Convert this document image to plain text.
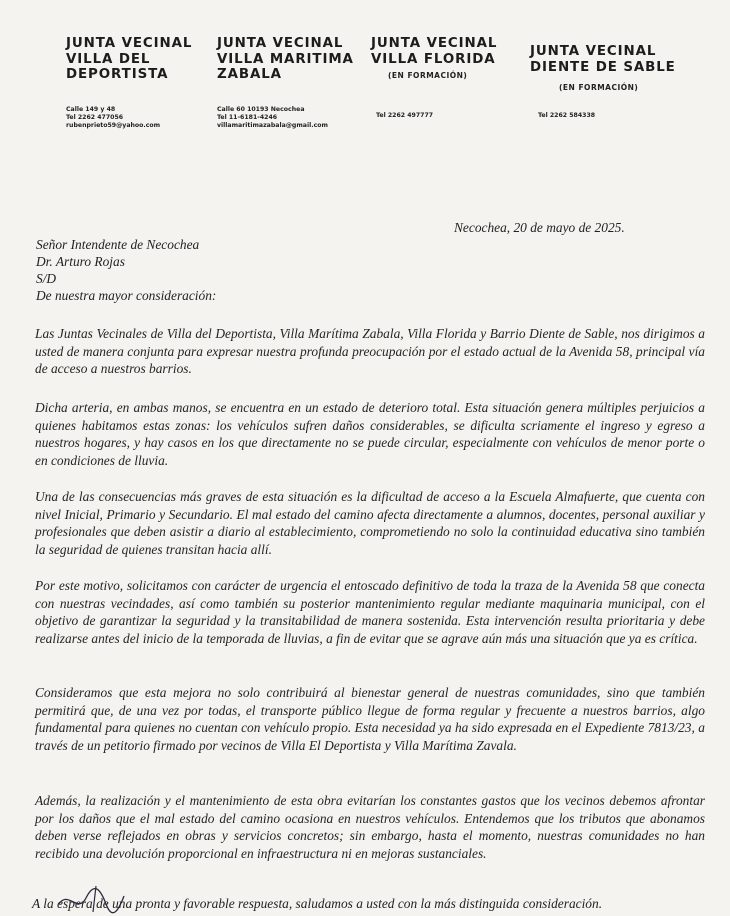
JUNTA VECINAL
VILLA DEL
DEPORTISTA
Calle 149 y 48
Tel 2262 477056
rubenprieto59@yahoo.com
JUNTA VECINAL
VILLA MARITIMA
ZABALA
Calle 60 10193 Necochea
Tel 11-6181-4246
villamaritimazabala@gmail.com
JUNTA VECINAL
VILLA FLORIDA
(EN FORMACIÓN)
Tel 2262 497777
JUNTA VECINAL
DIENTE DE SABLE
(EN FORMACIÓN)
Tel 2262 584338
Necochea, 20 de mayo de 2025.
Señor Intendente de Necochea
Dr. Arturo Rojas
S/D
De nuestra mayor consideración:
Las Juntas Vecinales de Villa del Deportista, Villa Marítima Zabala, Villa Florida y Barrio Diente de Sable, nos dirigimos a usted de manera conjunta para expresar nuestra profunda preocupación por el estado actual de la Avenida 58, principal vía de acceso a nuestros barrios.
Dicha arteria, en ambas manos, se encuentra en un estado de deterioro total. Esta situación genera múltiples perjuicios a quienes habitamos estas zonas: los vehículos sufren daños considerables, se dificulta scriamente el ingreso y egreso a nuestros hogares, y hay casos en los que directamente no se puede circular, especialmente con vehículos de menor porte o en condiciones de lluvia.
Una de las consecuencias más graves de esta situación es la dificultad de acceso a la Escuela Almafuerte, que cuenta con nivel Inicial, Primario y Secundario. El mal estado del camino afecta directamente a alumnos, docentes, personal auxiliar y profesionales que deben asistir a diario al establecimiento, comprometiendo no solo la continuidad educativa sino también la seguridad de quienes transitan hacia allí.
Por este motivo, solicitamos con carácter de urgencia el entoscado definitivo de toda la traza de la Avenida 58 que conecta con nuestras vecindades, así como también su posterior mantenimiento regular mediante maquinaria municipal, con el objetivo de garantizar la seguridad y la transitabilidad de manera sostenida. Esta intervención resulta prioritaria y debe realizarse antes del inicio de la temporada de lluvias, a fin de evitar que se agrave aún más una situación que ya es crítica.
Consideramos que esta mejora no solo contribuirá al bienestar general de nuestras comunidades, sino que también permitirá que, de una vez por todas, el transporte público llegue de forma regular y frecuente a nuestros barrios, algo fundamental para quienes no cuentan con vehículo propio. Esta necesidad ya ha sido expresada en el Expediente 7813/23, a través de un petitorio firmado por vecinos de Villa El Deportista y Villa Marítima Zavala.
Además, la realización y el mantenimiento de esta obra evitarían los constantes gastos que los vecinos debemos afrontar por los daños que el mal estado del camino ocasiona en nuestros vehículos. Entendemos que los tributos que abonamos deben verse reflejados en obras y servicios concretos; sin embargo, hasta el momento, nuestras comunidades no han recibido una devolución proporcional en infraestructura ni en mejoras sustanciales.
A la espera de una pronta y favorable respuesta, saludamos a usted con la más distinguida consideración.
